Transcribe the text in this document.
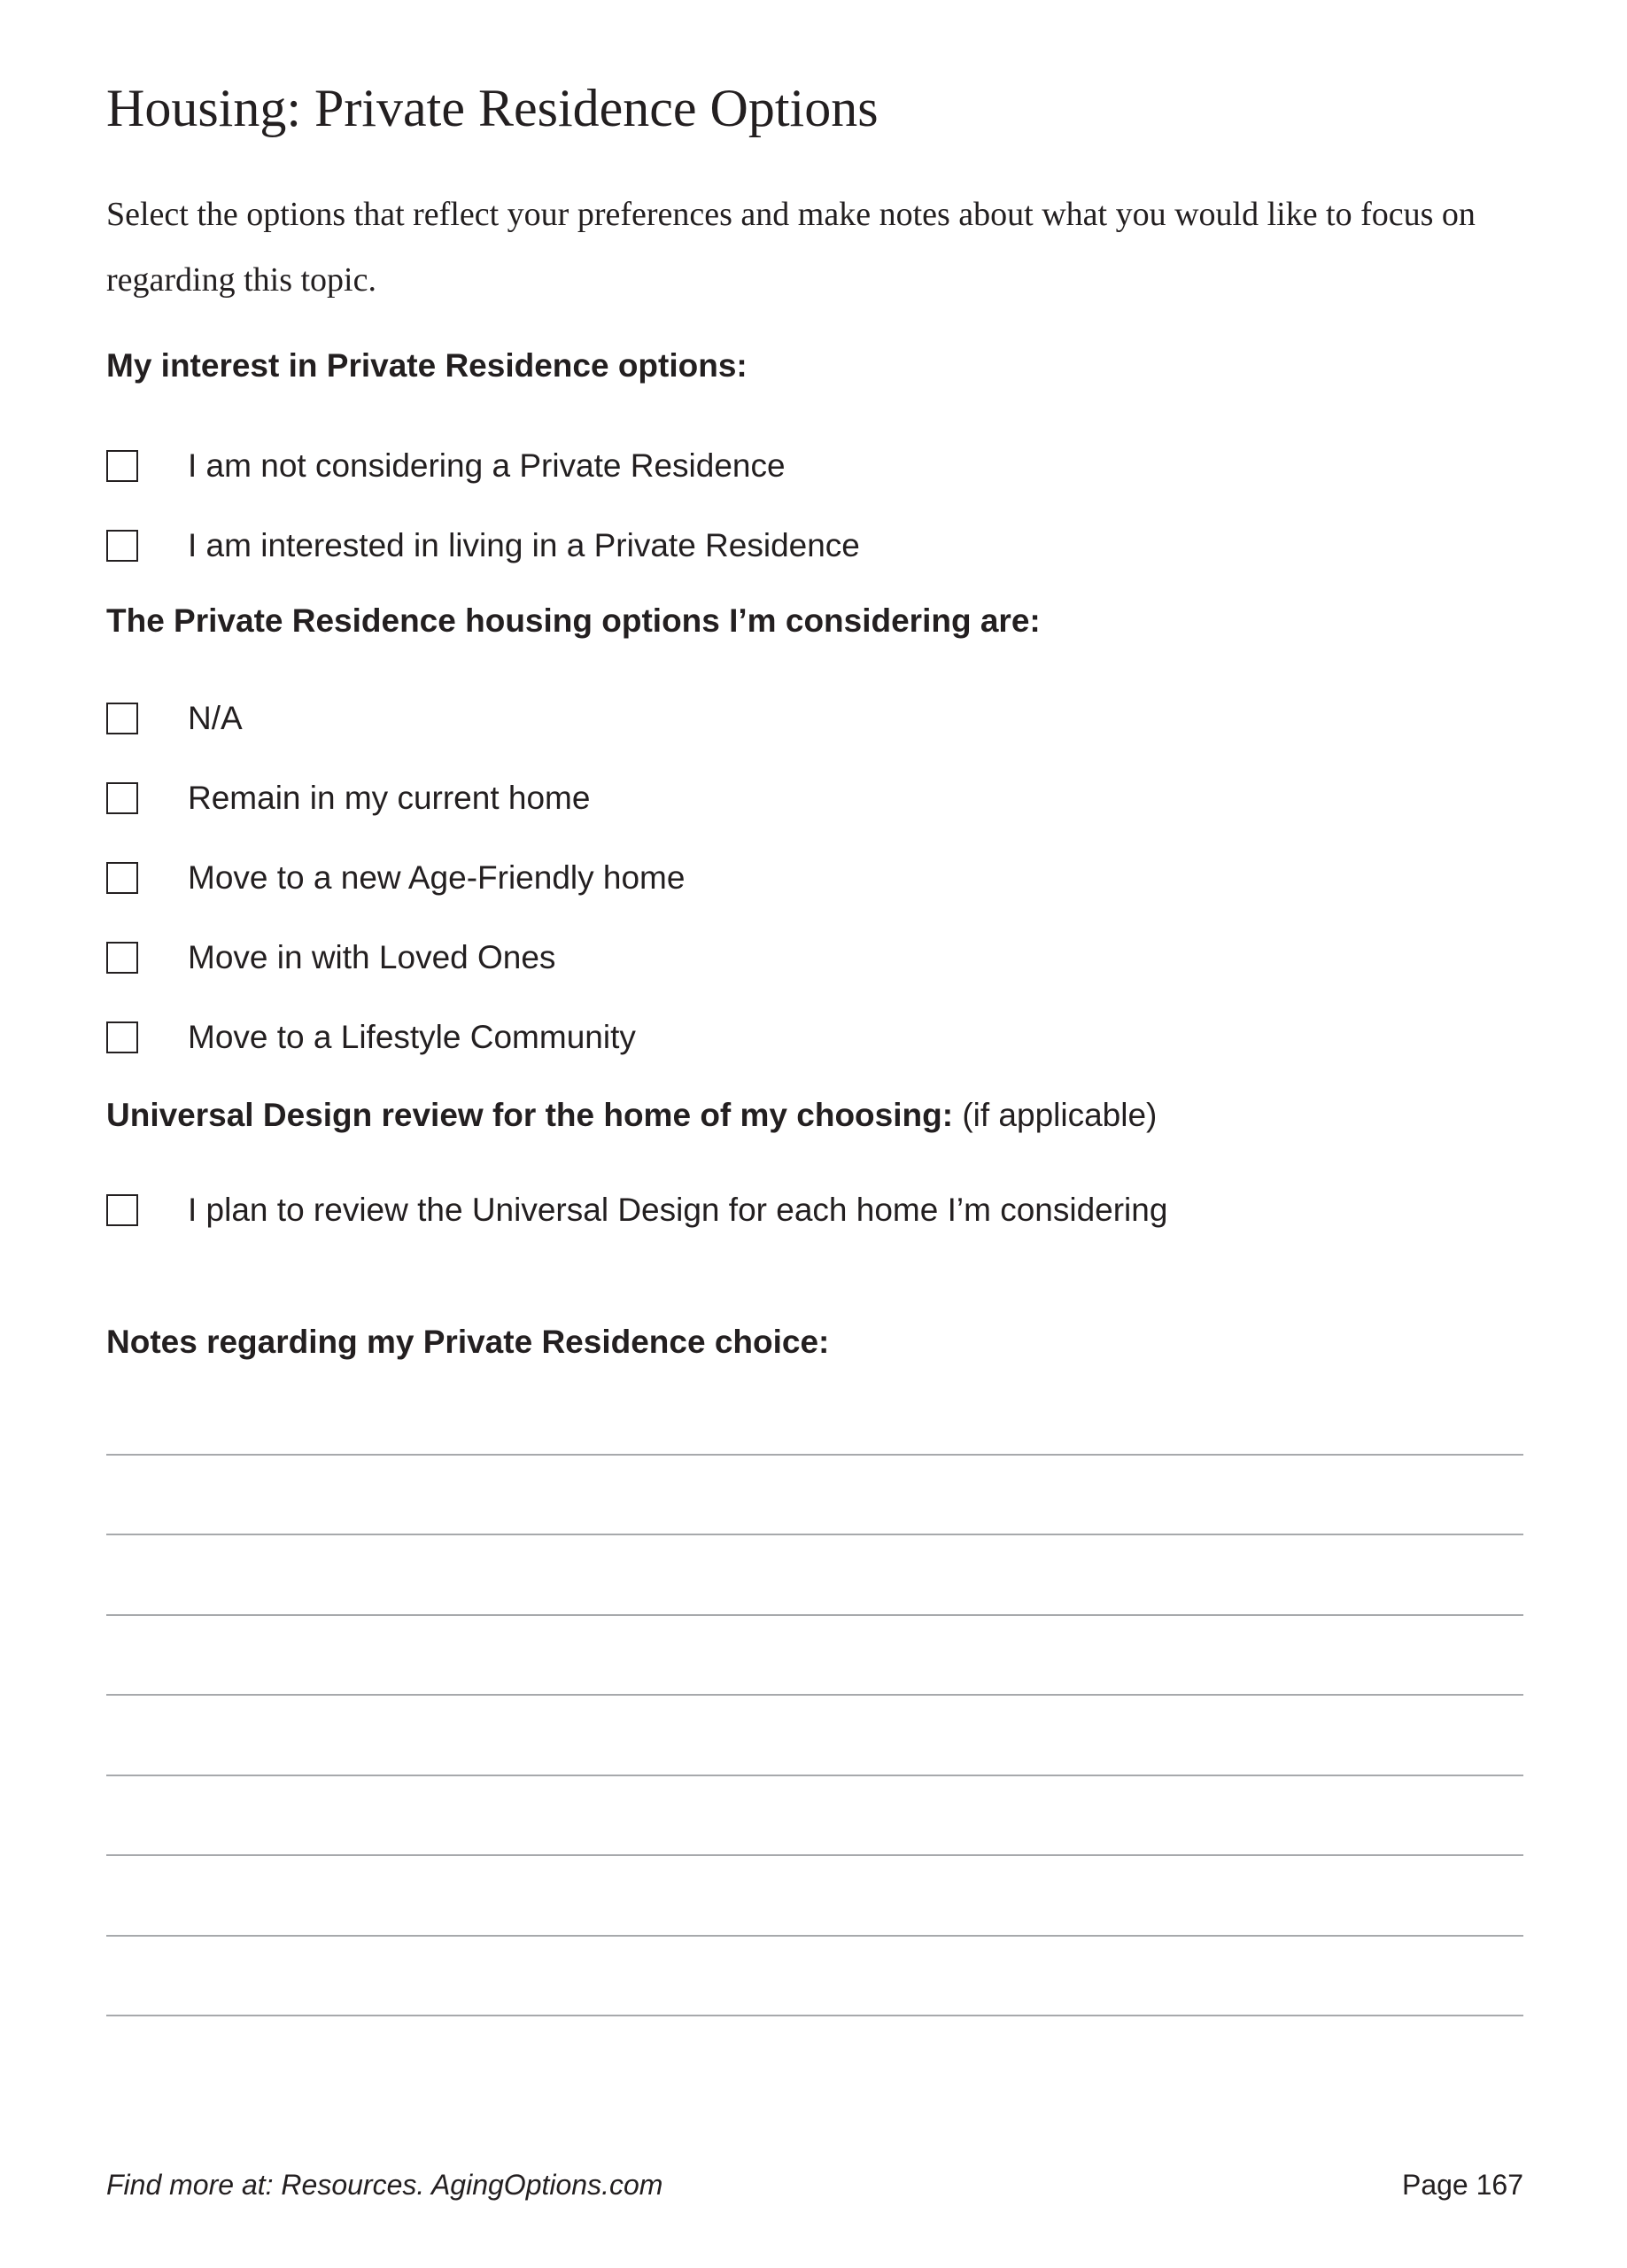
Housing: Private Residence Options

Select the options that reflect your preferences and make notes about what you would like to focus on regarding this topic.

My interest in Private Residence options:
I am not considering a Private Residence
I am interested in living in a Private Residence
The Private Residence housing options I’m considering are:
N/A
Remain in my current home
Move to a new Age-Friendly home
Move in with Loved Ones
Move to a Lifestyle Community
Universal Design review for the home of my choosing: (if applicable)
I plan to review the Universal Design for each home I’m considering
Notes regarding my Private Residence choice:
Find more at: Resources. AgingOptions.com	Page 167
